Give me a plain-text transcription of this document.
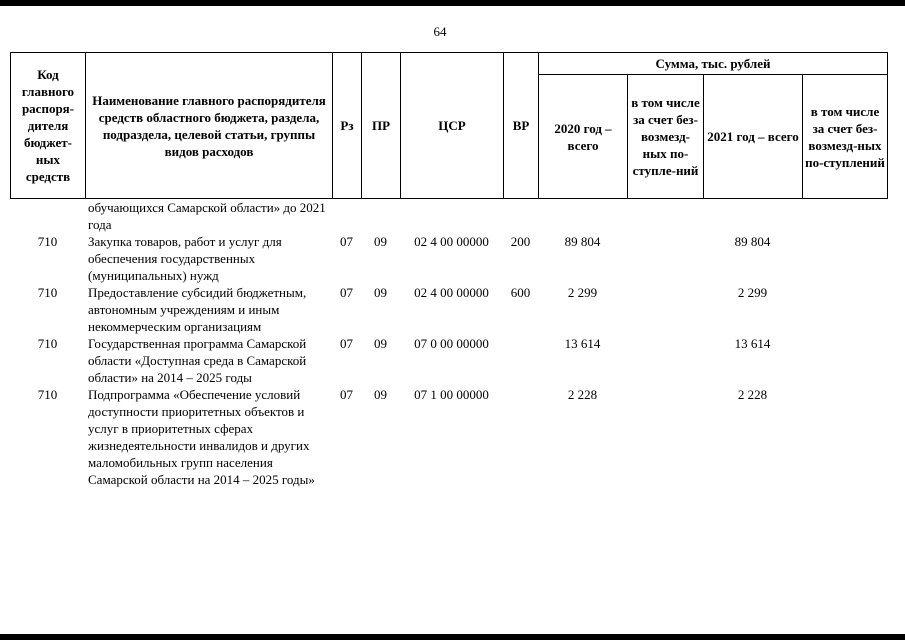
64
Код главного распоря-дителя бюджет-ных средств	Наименование главного распорядителя средств областного бюджета, раздела, подраздела, целевой статьи, группы видов расходов	Рз	ПР	ЦСР	ВР	Сумма, тыс. рублей			
						2020 год – всего	в том числе за счет без-возмезд-ных по-ступле-ний	2021 год – всего	в том числе за счет без-возмезд-ных по-ступлений
	обучающихся Самарской области» до 2021 года								
710	Закупка товаров, работ и услуг для обеспечения государственных (муниципальных) нужд	07	09	02 4 00 00000	200	89 804		89 804	
710	Предоставление субсидий бюджетным, автономным учреждениям и иным некоммерческим организациям	07	09	02 4 00 00000	600	2 299		2 299	
710	Государственная программа Самарской области «Доступная среда в Самарской области» на 2014 – 2025 годы	07	09	07 0 00 00000		13 614		13 614	
710	Подпрограмма «Обеспечение условий доступности приоритетных объектов и услуг в приоритетных сферах жизнедеятельности инвалидов и других маломобильных групп населения Самарской области на 2014 – 2025 годы»	07	09	07 1 00 00000		2 228		2 228	
